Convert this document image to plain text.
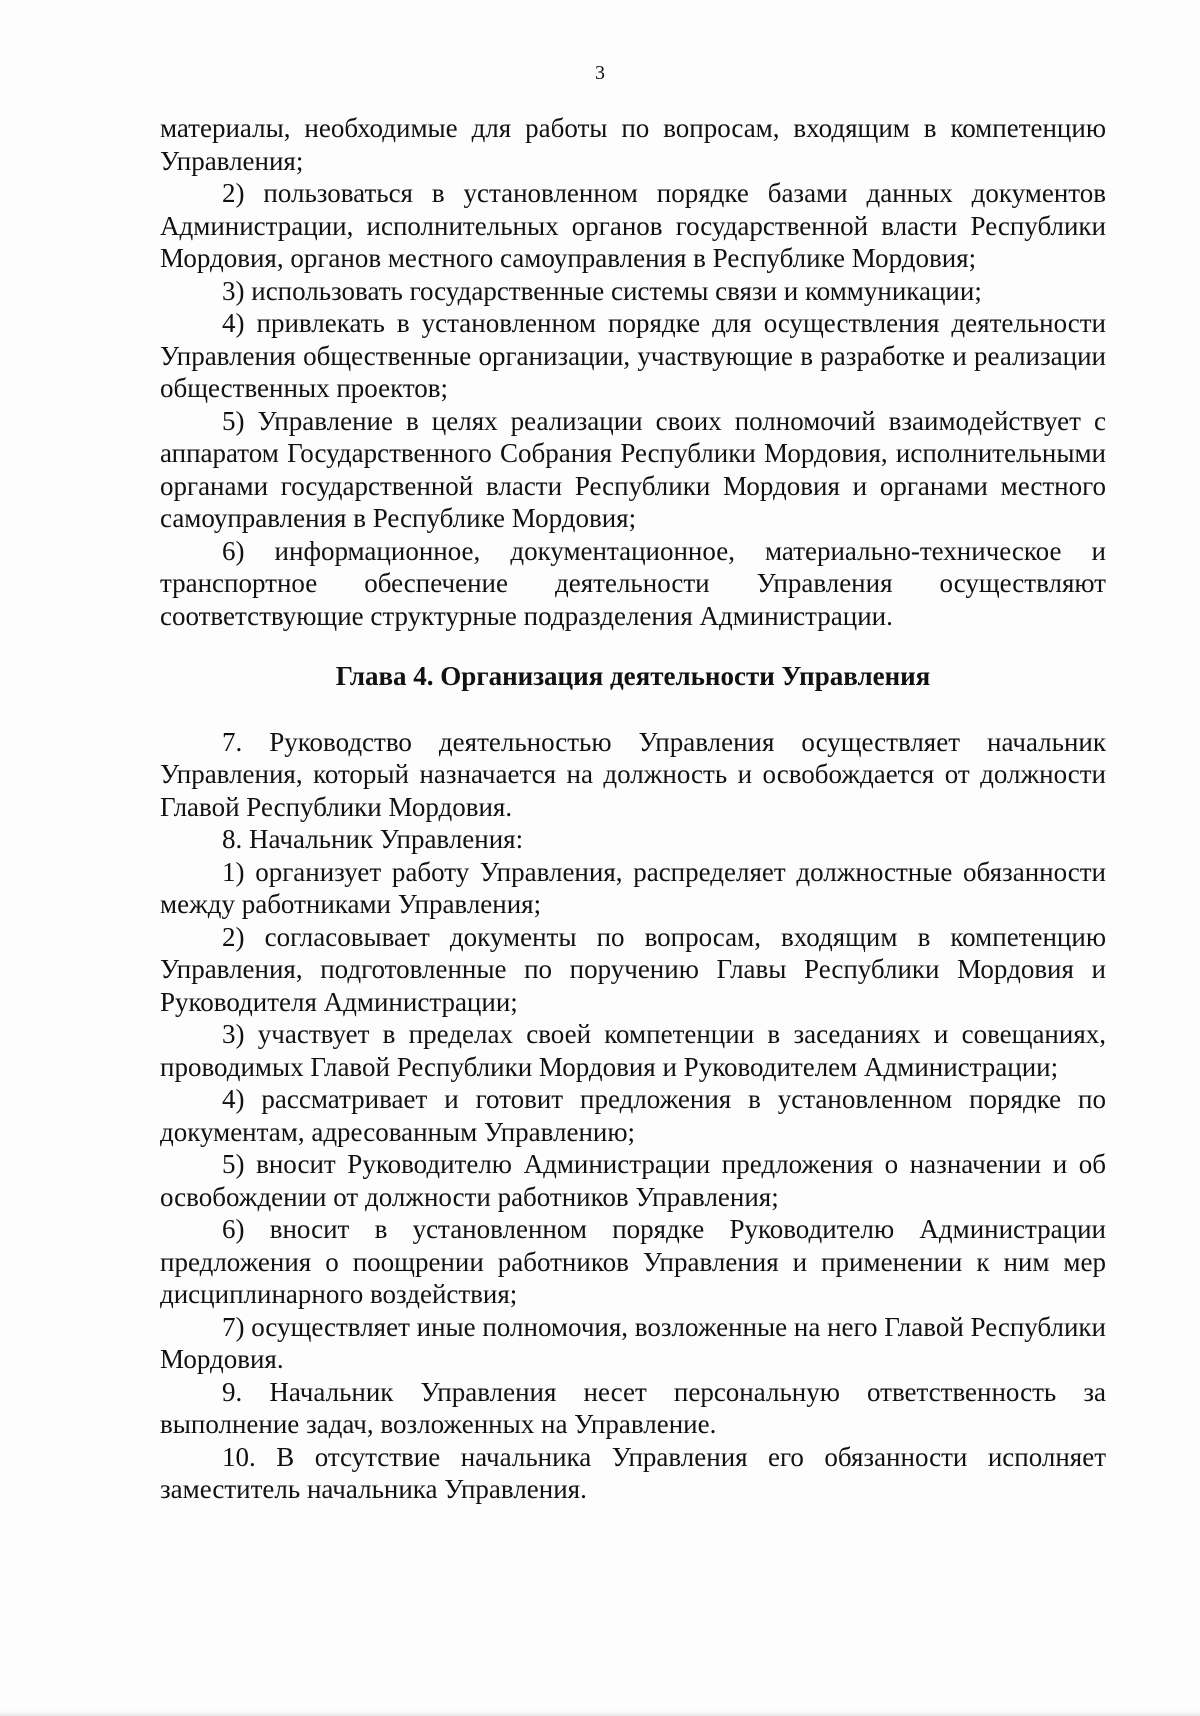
3

материалы, необходимые для работы по вопросам, входящим в компетенцию Управления;

2) пользоваться в установленном порядке базами данных документов Администрации, исполнительных органов государственной власти Республики Мордовия, органов местного самоуправления в Республике Мордовия;

3) использовать государственные системы связи и коммуникации;

4) привлекать в установленном порядке для осуществления деятельности Управления общественные организации, участвующие в разработке и реализации общественных проектов;

5) Управление в целях реализации своих полномочий взаимодействует с аппаратом Государственного Собрания Республики Мордовия, исполнительными органами государственной власти Республики Мордовия и органами местного самоуправления в Республике Мордовия;

6) информационное, документационное, материально-техническое и транспортное обеспечение деятельности Управления осуществляют соответствующие структурные подразделения Администрации.

Глава 4. Организация деятельности Управления

7. Руководство деятельностью Управления осуществляет начальник Управления, который назначается на должность и освобождается от должности Главой Республики Мордовия.

8. Начальник Управления:

1) организует работу Управления, распределяет должностные обязанности между работниками Управления;

2) согласовывает документы по вопросам, входящим в компетенцию Управления, подготовленные по поручению Главы Республики Мордовия и Руководителя Администрации;

3) участвует в пределах своей компетенции в заседаниях и совещаниях, проводимых Главой Республики Мордовия и Руководителем Администрации;

4) рассматривает и готовит предложения в установленном порядке по документам, адресованным Управлению;

5) вносит Руководителю Администрации предложения о назначении и об освобождении от должности работников Управления;

6) вносит в установленном порядке Руководителю Администрации предложения о поощрении работников Управления и применении к ним мер дисциплинарного воздействия;

7) осуществляет иные полномочия, возложенные на него Главой Республики Мордовия.

9. Начальник Управления несет персональную ответственность за выполнение задач, возложенных на Управление.

10. В отсутствие начальника Управления его обязанности исполняет заместитель начальника Управления.
